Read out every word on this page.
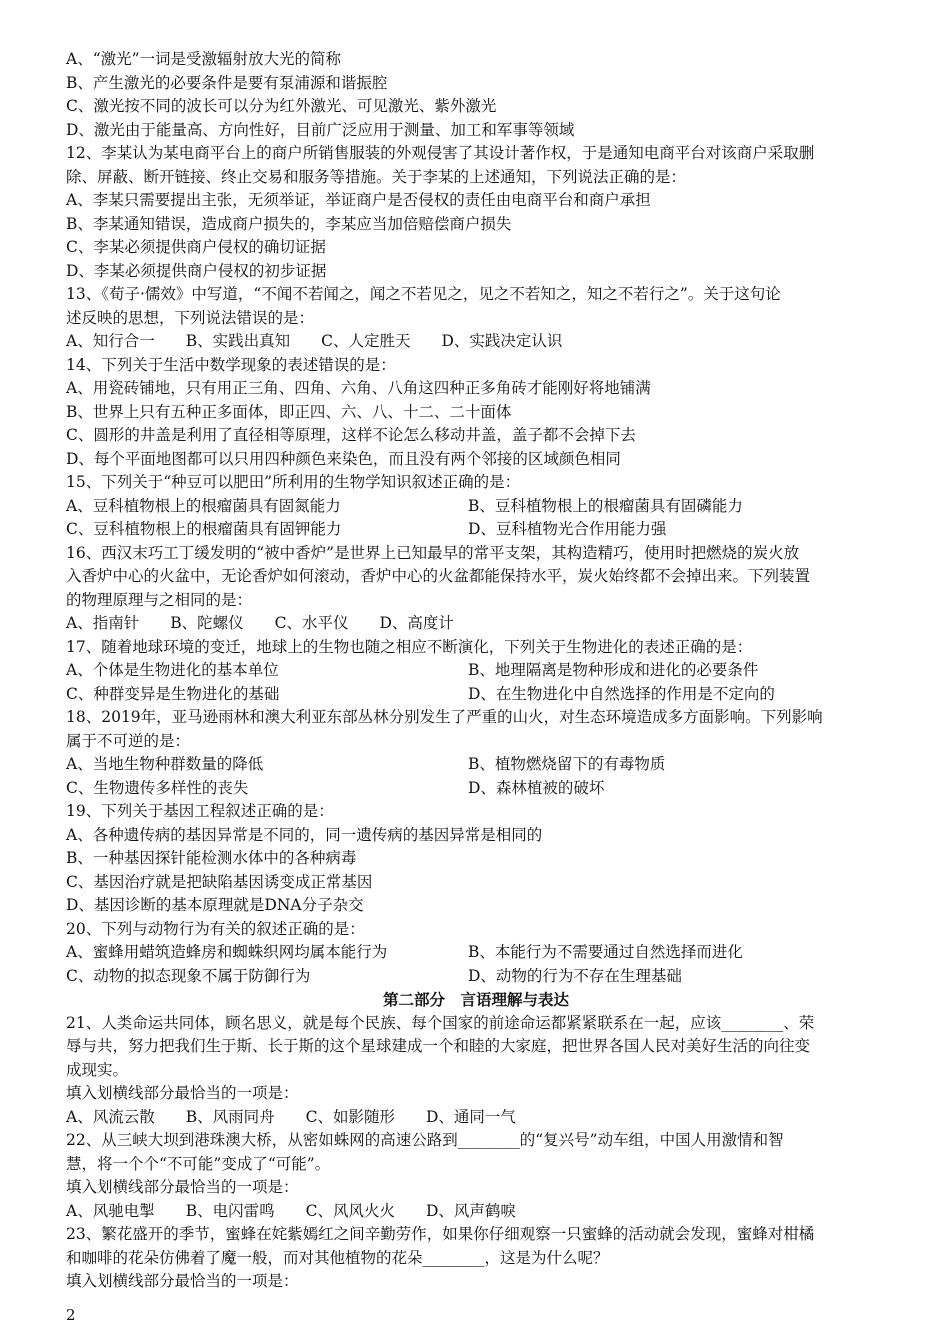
A、“激光”一词是受激辐射放大光的简称
B、产生激光的必要条件是要有泵浦源和谐振腔
C、激光按不同的波长可以分为红外激光、可见激光、紫外激光
D、激光由于能量高、方向性好，目前广泛应用于测量、加工和军事等领域
12、李某认为某电商平台上的商户所销售服装的外观侵害了其设计著作权，于是通知电商平台对该商户采取删
除、屏蔽、断开链接、终止交易和服务等措施。关于李某的上述通知，下列说法正确的是：
A、李某只需要提出主张，无须举证，举证商户是否侵权的责任由电商平台和商户承担
B、李某通知错误，造成商户损失的，李某应当加倍赔偿商户损失
C、李某必须提供商户侵权的确切证据
D、李某必须提供商户侵权的初步证据
13、《荀子·儒效》中写道，“不闻不若闻之，闻之不若见之，见之不若知之，知之不若行之”。关于这句论
述反映的思想，下列说法错误的是：
A、知行合一　　B、实践出真知　　C、人定胜天　　D、实践决定认识
14、下列关于生活中数学现象的表述错误的是：
A、用瓷砖铺地，只有用正三角、四角、六角、八角这四种正多角砖才能刚好将地铺满
B、世界上只有五种正多面体，即正四、六、八、十二、二十面体
C、圆形的井盖是利用了直径相等原理，这样不论怎么移动井盖，盖子都不会掉下去
D、每个平面地图都可以只用四种颜色来染色，而且没有两个邻接的区域颜色相同
15、下列关于“种豆可以肥田”所利用的生物学知识叙述正确的是：
A、豆科植物根上的根瘤菌具有固氮能力	B、豆科植物根上的根瘤菌具有固磷能力
C、豆科植物根上的根瘤菌具有固钾能力	D、豆科植物光合作用能力强
16、西汉末巧工丁缓发明的“被中香炉”是世界上已知最早的常平支架，其构造精巧，使用时把燃烧的炭火放
入香炉中心的火盆中，无论香炉如何滚动，香炉中心的火盆都能保持水平，炭火始终都不会掉出来。下列装置
的物理原理与之相同的是：
A、指南针　　B、陀螺仪　　C、水平仪　　D、高度计
17、随着地球环境的变迁，地球上的生物也随之相应不断演化，下列关于生物进化的表述正确的是：
A、个体是生物进化的基本单位	B、地理隔离是物种形成和进化的必要条件
C、种群变异是生物进化的基础	D、在生物进化中自然选择的作用是不定向的
18、2019年，亚马逊雨林和澳大利亚东部丛林分别发生了严重的山火，对生态环境造成多方面影响。下列影响
属于不可逆的是：
A、当地生物种群数量的降低	B、植物燃烧留下的有毒物质
C、生物遗传多样性的丧失	D、森林植被的破坏
19、下列关于基因工程叙述正确的是：
A、各种遗传病的基因异常是不同的，同一遗传病的基因异常是相同的
B、一种基因探针能检测水体中的各种病毒
C、基因治疗就是把缺陷基因诱变成正常基因
D、基因诊断的基本原理就是DNA分子杂交
20、下列与动物行为有关的叙述正确的是：
A、蜜蜂用蜡筑造蜂房和蜘蛛织网均属本能行为	B、本能行为不需要通过自然选择而进化
C、动物的拟态现象不属于防御行为	D、动物的行为不存在生理基础
第二部分　言语理解与表达
21、人类命运共同体，顾名思义，就是每个民族、每个国家的前途命运都紧紧联系在一起，应该________、荣
辱与共，努力把我们生于斯、长于斯的这个星球建成一个和睦的大家庭，把世界各国人民对美好生活的向往变
成现实。
填入划横线部分最恰当的一项是：
A、风流云散　　B、风雨同舟　　C、如影随形　　D、通同一气
22、从三峡大坝到港珠澳大桥，从密如蛛网的高速公路到________的“复兴号”动车组，中国人用激情和智
慧，将一个个“不可能”变成了“可能”。
填入划横线部分最恰当的一项是：
A、风驰电掣　　B、电闪雷鸣　　C、风风火火　　D、风声鹤唳
23、繁花盛开的季节，蜜蜂在姹紫嫣红之间辛勤劳作，如果你仔细观察一只蜜蜂的活动就会发现，蜜蜂对柑橘
和咖啡的花朵仿佛着了魔一般，而对其他植物的花朵________，这是为什么呢？
填入划横线部分最恰当的一项是：
2
